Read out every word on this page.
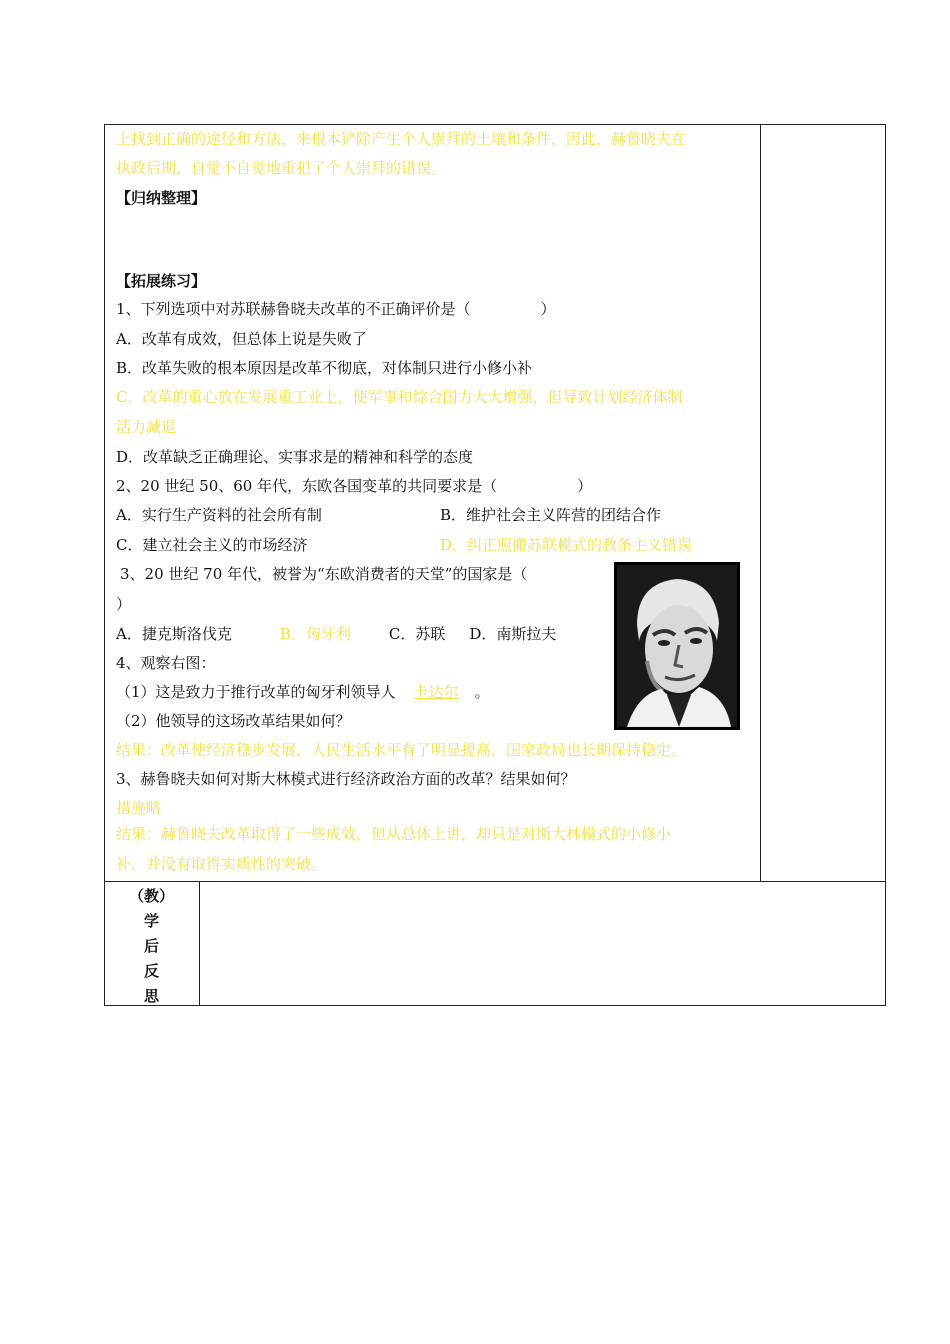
上找到正确的途径和方法，来根本铲除产生个人崇拜的土壤和条件，因此，赫鲁晓夫在
执政后期，自觉不自觉地重犯了个人崇拜的错误。
【归纳整理】
【拓展练习】
1、下列选项中对苏联赫鲁晓夫改革的不正确评价是（	）
A．改革有成效，但总体上说是失败了
B．改革失败的根本原因是改革不彻底，对体制只进行小修小补
C．改革的重心放在发展重工业上，使军事和综合国力大大增强，但导致计划经济体制
活力减退
D．改革缺乏正确理论、实事求是的精神和科学的态度
2、20 世纪 50、60 年代，东欧各国变革的共同要求是（	）
A．实行生产资料的社会所有制	B．维护社会主义阵营的团结合作
C．建立社会主义的市场经济	D．纠正照搬苏联模式的教条主义错误
3、20 世纪 70 年代，被誉为“东欧消费者的天堂”的国家是（
）
A．捷克斯洛伐克	B．匈牙利	C．苏联 D．南斯拉夫
4、观察右图：
（1）这是致力于推行改革的匈牙利领导人 卡达尔 。
（2）他领导的这场改革结果如何？
结果：改革使经济稳步发展，人民生活水平有了明显提高，国家政局也长期保持稳定。
3、赫鲁晓夫如何对斯大林模式进行经济政治方面的改革？结果如何？
措施略
结果：赫鲁晓夫改革取得了一些成效，但从总体上讲，却只是对斯大林模式的小修小
补，并没有取得实质性的突破。
（教）
学
后
反
思
